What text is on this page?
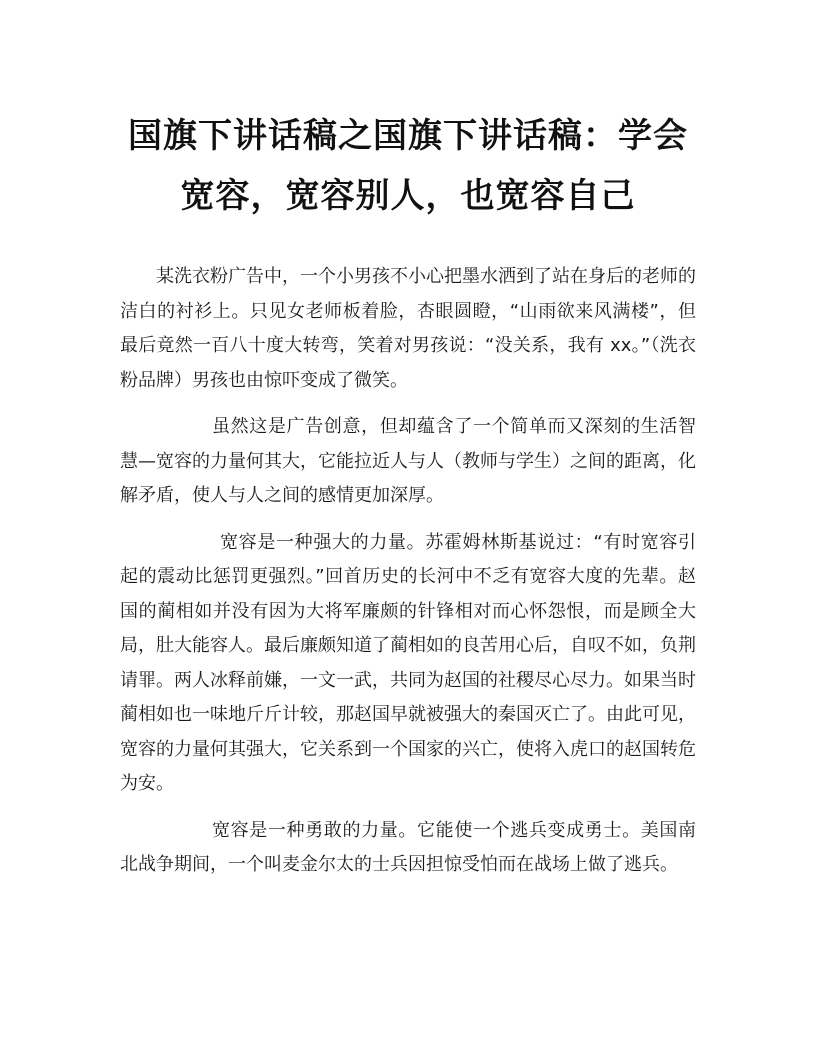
国旗下讲话稿之国旗下讲话稿：学会宽容，宽容别人，也宽容自己

某洗衣粉广告中，一个小男孩不小心把墨水洒到了站在身后的老师的洁白的衬衫上。只见女老师板着脸，杏眼圆瞪，“山雨欲来风满楼”，但最后竟然一百八十度大转弯，笑着对男孩说：“没关系，我有 xx。”（洗衣粉品牌）男孩也由惊吓变成了微笑。

虽然这是广告创意，但却蕴含了一个简单而又深刻的生活智慧—宽容的力量何其大，它能拉近人与人（教师与学生）之间的距离，化解矛盾，使人与人之间的感情更加深厚。

宽容是一种强大的力量。苏霍姆林斯基说过：“有时宽容引起的震动比惩罚更强烈。”回首历史的长河中不乏有宽容大度的先辈。赵国的蔺相如并没有因为大将军廉颇的针锋相对而心怀怨恨，而是顾全大局，肚大能容人。最后廉颇知道了蔺相如的良苦用心后，自叹不如，负荆请罪。两人冰释前嫌，一文一武，共同为赵国的社稷尽心尽力。如果当时蔺相如也一味地斤斤计较，那赵国早就被强大的秦国灭亡了。由此可见，宽容的力量何其强大，它关系到一个国家的兴亡，使将入虎口的赵国转危为安。

宽容是一种勇敢的力量。它能使一个逃兵变成勇士。美国南北战争期间，一个叫麦金尔太的士兵因担惊受怕而在战场上做了逃兵。
